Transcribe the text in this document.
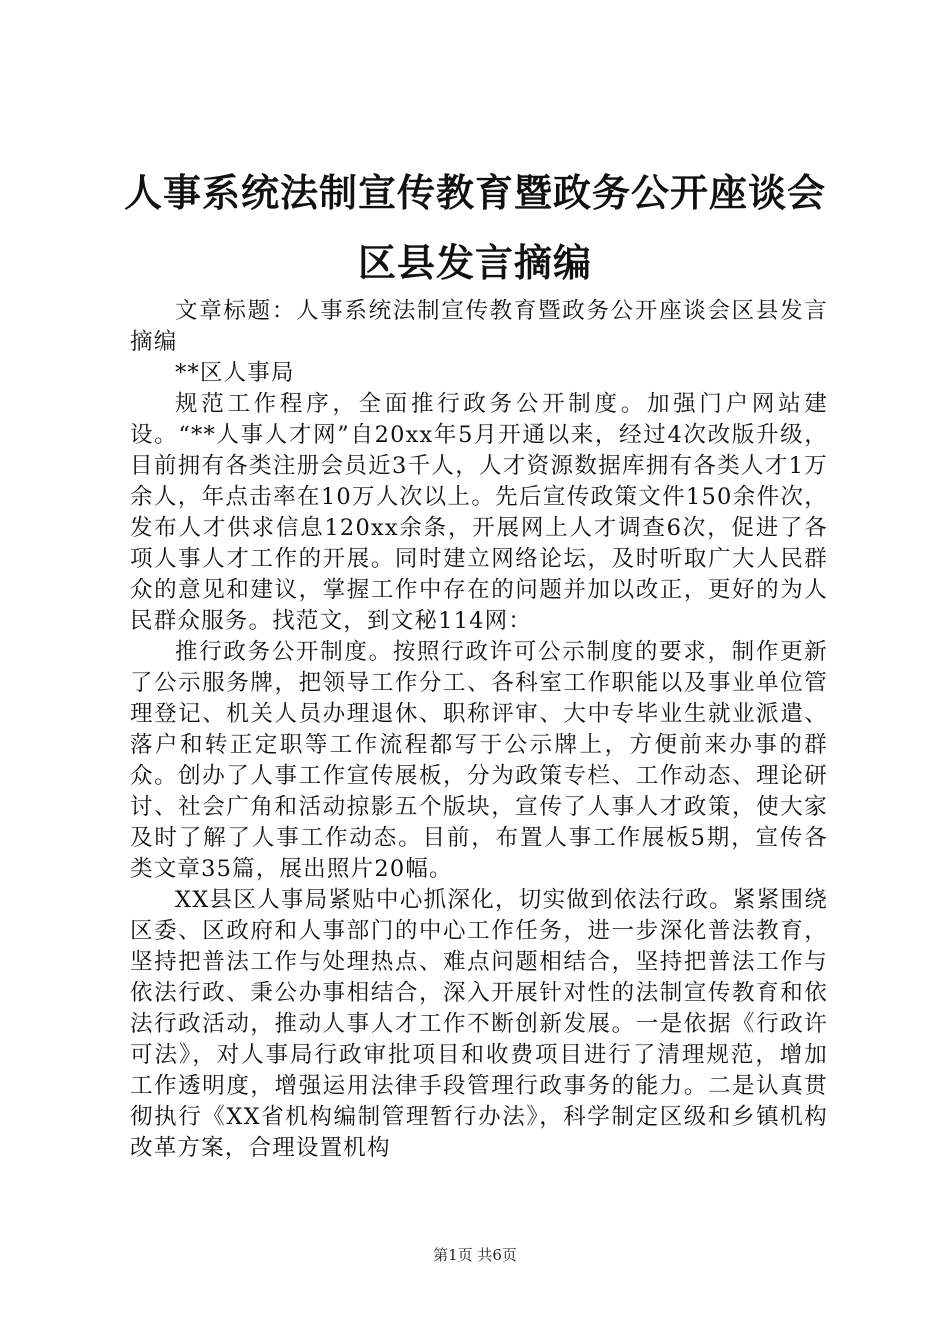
人事系统法制宣传教育暨政务公开座谈会区县发言摘编

文章标题：人事系统法制宣传教育暨政务公开座谈会区县发言摘编

**区人事局

规范工作程序，全面推行政务公开制度。加强门户网站建设。“**人事人才网”自20xx年5月开通以来，经过4次改版升级，目前拥有各类注册会员近3千人，人才资源数据库拥有各类人才1万余人，年点击率在10万人次以上。先后宣传政策文件150余件次，发布人才供求信息120xx余条，开展网上人才调查6次，促进了各项人事人才工作的开展。同时建立网络论坛，及时听取广大人民群众的意见和建议，掌握工作中存在的问题并加以改正，更好的为人民群众服务。找范文，到文秘114网：

推行政务公开制度。按照行政许可公示制度的要求，制作更新了公示服务牌，把领导工作分工、各科室工作职能以及事业单位管理登记、机关人员办理退休、职称评审、大中专毕业生就业派遣、落户和转正定职等工作流程都写于公示牌上，方便前来办事的群众。创办了人事工作宣传展板，分为政策专栏、工作动态、理论研讨、社会广角和活动掠影五个版块，宣传了人事人才政策，使大家及时了解了人事工作动态。目前，布置人事工作展板5期，宣传各类文章35篇，展出照片20幅。

XX县区人事局紧贴中心抓深化，切实做到依法行政。紧紧围绕区委、区政府和人事部门的中心工作任务，进一步深化普法教育，坚持把普法工作与处理热点、难点问题相结合，坚持把普法工作与依法行政、秉公办事相结合，深入开展针对性的法制宣传教育和依法行政活动，推动人事人才工作不断创新发展。一是依据《行政许可法》，对人事局行政审批项目和收费项目进行了清理规范，增加工作透明度，增强运用法律手段管理行政事务的能力。二是认真贯彻执行《XX省机构编制管理暂行办法》，科学制定区级和乡镇机构改革方案，合理设置机构

第1页 共6页
